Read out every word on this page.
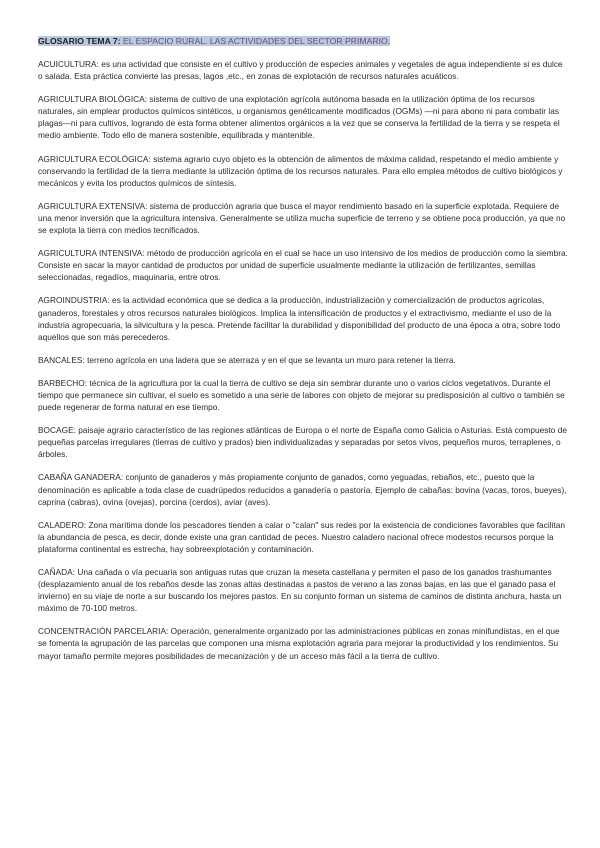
GLOSARIO TEMA 7: EL ESPACIO RURAL. LAS ACTIVIDADES DEL SECTOR PRIMARIO.

ACUICULTURA: es una actividad que consiste en el cultivo y producción de especies animales y vegetales de agua independiente si es dulce o salada. Esta práctica convierte las presas, lagos ,etc., en zonas de explotación de recursos naturales acuáticos.

AGRICULTURA BIOLÓGICA: sistema de cultivo de una explotación agrícola autónoma basada en la utilización óptima de los recursos naturales, sin emplear productos químicos sintéticos, u organismos genéticamente modificados (OGMs) —ni para abono ni para combatir las plagas—ni para cultivos, logrando de esta forma obtener alimentos orgánicos a la vez que se conserva la fertilidad de la tierra y se respeta el medio ambiente. Todo ello de manera sostenible, equilibrada y mantenible.

AGRICULTURA ECOLÓGICA: sistema agrario cuyo objeto es la obtención de alimentos de máxima calidad, respetando el medio ambiente y conservando la fertilidad de la tierra mediante la utilización óptima de los recursos naturales. Para ello emplea métodos de cultivo biológicos y mecánicos y evita los productos químicos de síntesis.

AGRICULTURA EXTENSIVA: sistema de producción agraria que busca el mayor rendimiento basado en la superficie explotada. Requiere de una menor inversión que la agricultura intensiva. Generalmente se utiliza mucha superficie de terreno y se obtiene poca producción, ya que no se explota la tierra con medios tecnificados.

AGRICULTURA INTENSIVA: método de producción agrícola en el cual se hace un uso intensivo de los medios de producción como la siembra. Consiste en sacar la mayor cantidad de productos por unidad de superficie usualmente mediante la utilización de fertilizantes, semillas seleccionadas, regadíos, maquinaria, entre otros.

AGROINDUSTRIA: es la actividad económica que se dedica a la producción, industrialización y comercialización de productos agrícolas, ganaderos, forestales y otros recursos naturales biológicos. Implica la intensificación de productos y el extractivismo, mediante el uso de la industria agropecuaria, la silvicultura y la pesca. Pretende facilitar la durabilidad y disponibilidad del producto de una época a otra, sobre todo aquellos que son más perecederos.

BANCALES: terreno agrícola en una ladera que se aterraza y en el que se levanta un muro para retener la tierra.

BARBECHO: técnica de la agricultura por la cual la tierra de cultivo se deja sin sembrar durante uno o varios ciclos vegetativos. Durante el tiempo que permanece sin cultivar, el suelo es sometido a una serie de labores con objeto de mejorar su predisposición al cultivo o también se puede regenerar de forma natural en ese tiempo.

BOCAGE: paisaje agrario característico de las regiones atlánticas de Europa o el norte de España como Galicia o Asturias. Está compuesto de pequeñas parcelas irregulares (tierras de cultivo y prados) bien individualizadas y separadas por setos vivos, pequeños muros, terraplenes, o árboles.

CABAÑA GANADERA: conjunto de ganaderos y más propiamente conjunto de ganados, como yeguadas, rebaños, etc., puesto que la denominación es aplicable a toda clase de cuadrúpedos reducidos a ganadería o pastoría. Ejemplo de cabañas: bovina (vacas, toros, bueyes), caprina (cabras), ovina (ovejas), porcina (cerdos), aviar (aves).

CALADERO: Zona marítima donde los pescadores tienden a calar o "calan" sus redes por la existencia de condiciones favorables que facilitan la abundancia de pesca, es decir, donde existe una gran cantidad de peces. Nuestro caladero nacional ofrece modestos recursos porque la plataforma continental es estrecha, hay sobreexplotación y contaminación.

CAÑADA: Una cañada o vía pecuaria son antiguas rutas que cruzan la meseta castellana y permiten el paso de los ganados trashumantes (desplazamiento anual de los rebaños desde las zonas altas destinadas a pastos de verano a las zonas bajas, en las que el ganado pasa el invierno) en su viaje de norte a sur buscando los mejores pastos. En su conjunto forman un sistema de caminos de distinta anchura, hasta un máximo de 70-100 metros.

CONCENTRACIÓN PARCELARIA: Operación, generalmente organizado por las administraciones públicas en zonas minifundistas, en el que se fomenta la agrupación de las parcelas que componen una misma explotación agraria para mejorar la productividad y los rendimientos. Su mayor tamaño permite mejores posibilidades de mecanización y de un acceso más fácil a la tierra de cultivo.
